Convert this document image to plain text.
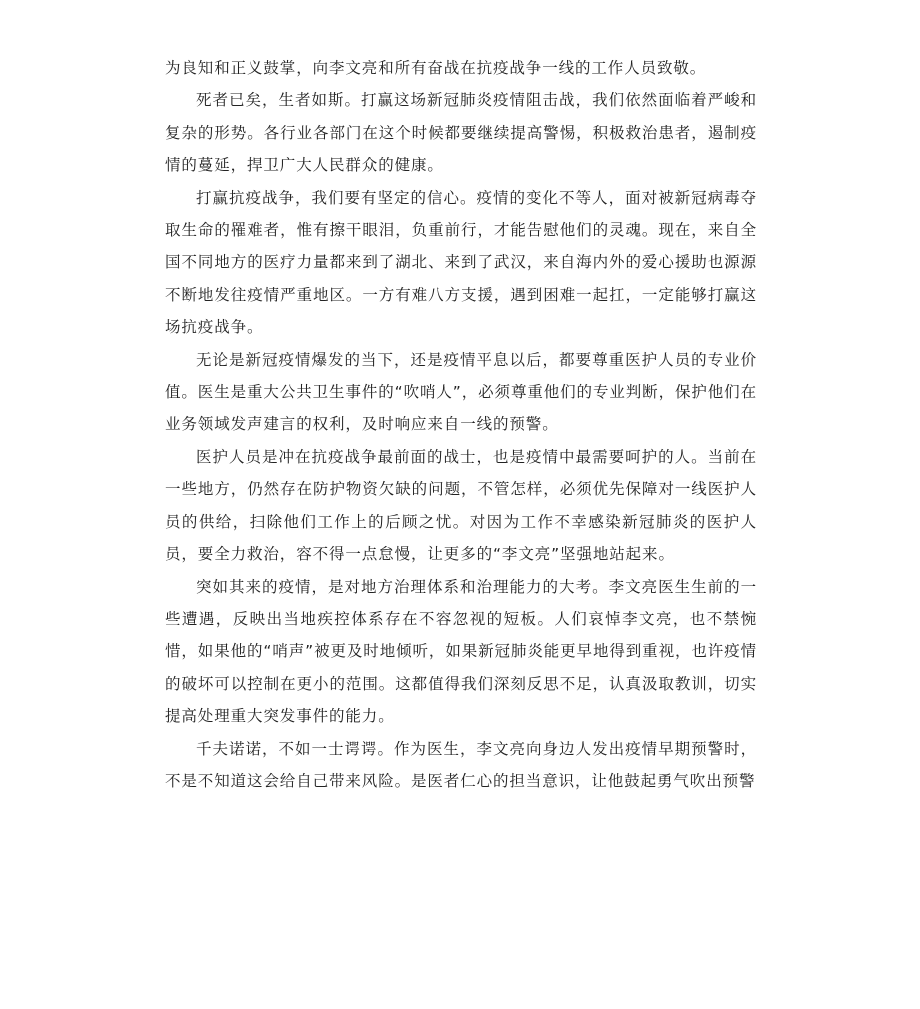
为良知和正义鼓掌，向李文亮和所有奋战在抗疫战争一线的工作人员致敬。

死者已矣，生者如斯。打赢这场新冠肺炎疫情阻击战，我们依然面临着严峻和复杂的形势。各行业各部门在这个时候都要继续提高警惕，积极救治患者，遏制疫情的蔓延，捍卫广大人民群众的健康。

打赢抗疫战争，我们要有坚定的信心。疫情的变化不等人，面对被新冠病毒夺取生命的罹难者，惟有擦干眼泪，负重前行，才能告慰他们的灵魂。现在，来自全国不同地方的医疗力量都来到了湖北、来到了武汉，来自海内外的爱心援助也源源不断地发往疫情严重地区。一方有难八方支援，遇到困难一起扛，一定能够打赢这场抗疫战争。

无论是新冠疫情爆发的当下，还是疫情平息以后，都要尊重医护人员的专业价值。医生是重大公共卫生事件的“吹哨人”，必须尊重他们的专业判断，保护他们在业务领域发声建言的权利，及时响应来自一线的预警。

医护人员是冲在抗疫战争最前面的战士，也是疫情中最需要呵护的人。当前在一些地方，仍然存在防护物资欠缺的问题，不管怎样，必须优先保障对一线医护人员的供给，扫除他们工作上的后顾之忧。对因为工作不幸感染新冠肺炎的医护人员，要全力救治，容不得一点怠慢，让更多的“李文亮”坚强地站起来。

突如其来的疫情，是对地方治理体系和治理能力的大考。李文亮医生生前的一些遭遇，反映出当地疾控体系存在不容忽视的短板。人们哀悼李文亮，也不禁惋惜，如果他的“哨声”被更及时地倾听，如果新冠肺炎能更早地得到重视，也许疫情的破坏可以控制在更小的范围。这都值得我们深刻反思不足，认真汲取教训，切实提高处理重大突发事件的能力。

千夫诺诺，不如一士谔谔。作为医生，李文亮向身边人发出疫情早期预警时，不是不知道这会给自己带来风险。是医者仁心的担当意识，让他鼓起勇气吹出预警
